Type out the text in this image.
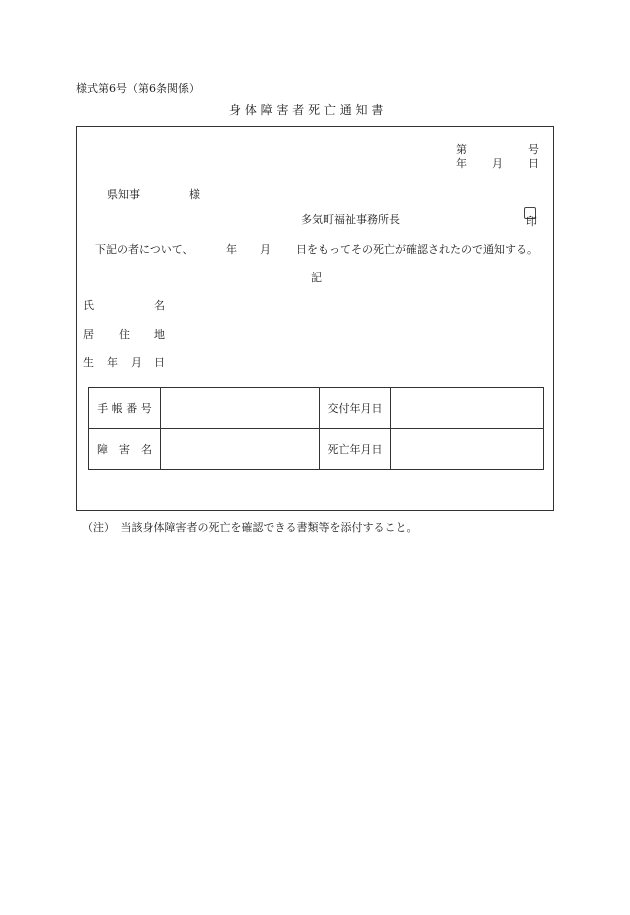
様式第6号（第6条関係）
身 体 障 害 者 死 亡 通 知 書
第	号
年 月 日
県知事	様
多気町福祉事務所長	印
下記の者について、	年 月 日をもってその死亡が確認されたので通知する。
記
氏	名
居 住 地
生 年 月 日
手 帳 番 号		交付年月日	
障　害　名		死亡年月日	
（注）　当該身体障害者の死亡を確認できる書類等を添付すること。
